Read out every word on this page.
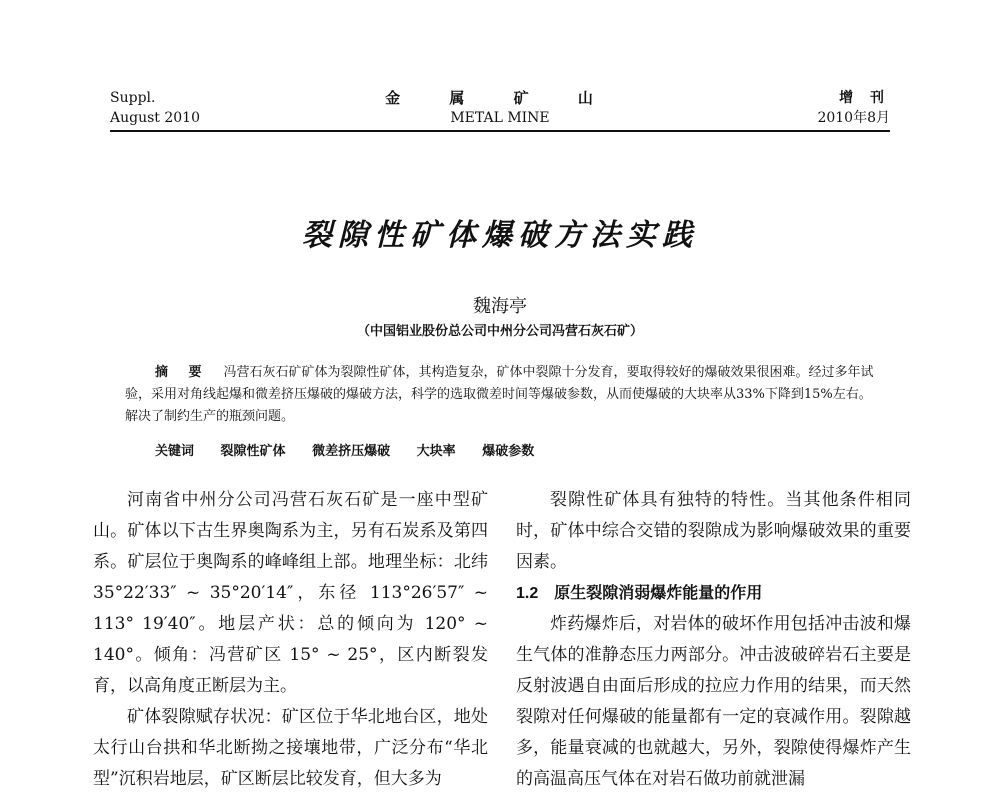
Suppl.
August 2010
金 属 矿 山
METAL MINE
增 刊
2010年8月
裂隙性矿体爆破方法实践
魏海亭
（中国铝业股份总公司中州分公司冯营石灰石矿）
摘 要 冯营石灰石矿矿体为裂隙性矿体，其构造复杂，矿体中裂隙十分发育，要取得较好的爆破效果很困难。经过多年试验，采用对角线起爆和微差挤压爆破的爆破方法，科学的选取微差时间等爆破参数，从而使爆破的大块率从33%下降到15%左右。解决了制约生产的瓶颈问题。
关键词 裂隙性矿体 微差挤压爆破 大块率 爆破参数

河南省中州分公司冯营石灰石矿是一座中型矿山。矿体以下古生界奥陶系为主，另有石炭系及第四系。矿层位于奥陶系的峰峰组上部。地理坐标：北纬 35°22′33″ ~ 35°20′14″，东径 113°26′57″ ~ 113° 19′40″。地层产状：总的倾向为 120° ~ 140°。倾角：冯营矿区 15° ~ 25°，区内断裂发育，以高角度正断层为主。

矿体裂隙赋存状况：矿区位于华北地台区，地处太行山台拱和华北断拗之接壤地带，广泛分布“华北型”沉积岩地层，矿区断层比较发育，但大多为

裂隙性矿体具有独特的特性。当其他条件相同时，矿体中综合交错的裂隙成为影响爆破效果的重要因素。

1.2　原生裂隙消弱爆炸能量的作用

炸药爆炸后，对岩体的破坏作用包括冲击波和爆生气体的准静态压力两部分。冲击波破碎岩石主要是反射波遇自由面后形成的拉应力作用的结果，而天然裂隙对任何爆破的能量都有一定的衰减作用。裂隙越多，能量衰减的也就越大，另外，裂隙使得爆炸产生的高温高压气体在对岩石做功前就泄漏
